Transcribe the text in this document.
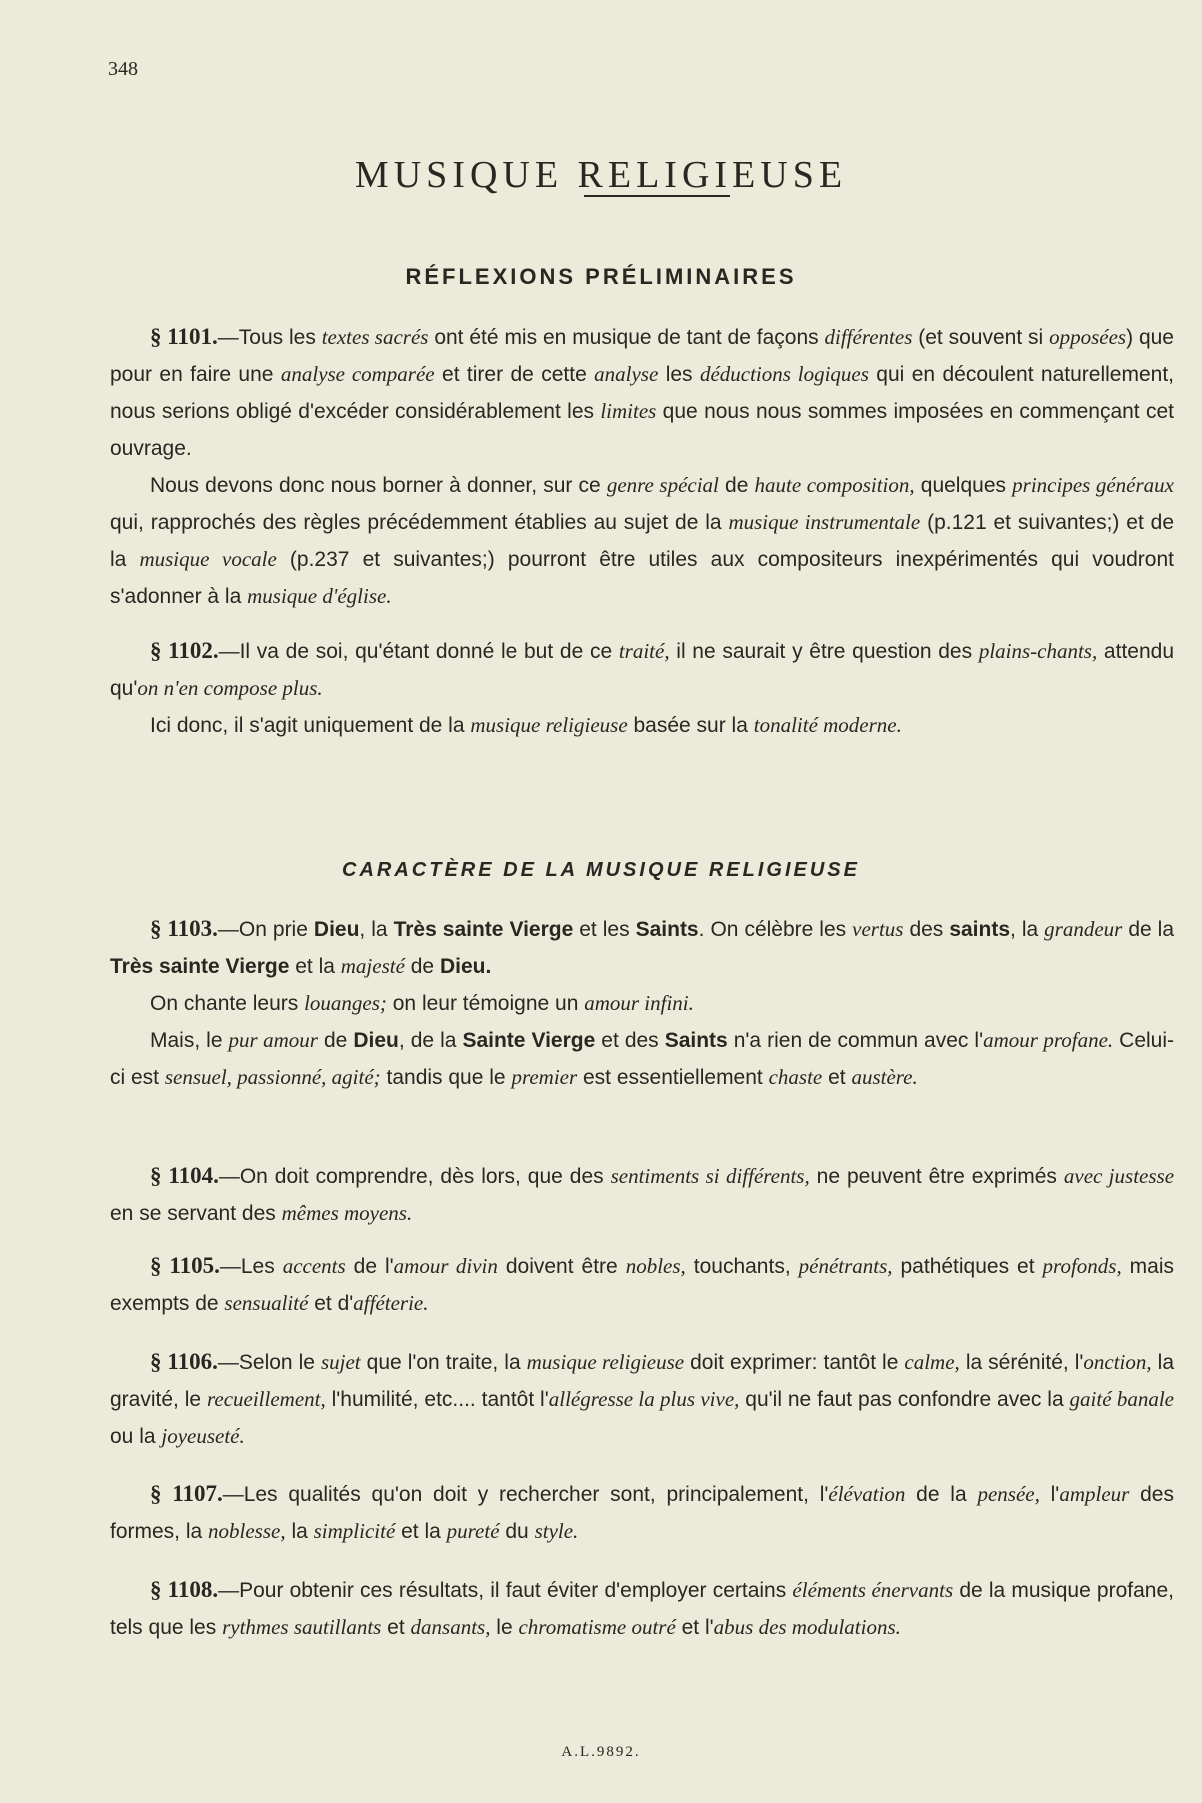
348
MUSIQUE RELIGIEUSE
RÉFLEXIONS PRÉLIMINAIRES

§ 1101.—Tous les textes sacrés ont été mis en musique de tant de façons différentes (et souvent si opposées) que pour en faire une analyse comparée et tirer de cette analyse les déductions logiques qui en découlent naturellement, nous serions obligé d'excéder considérablement les limites que nous nous sommes imposées en commençant cet ouvrage.

Nous devons donc nous borner à donner, sur ce genre spécial de haute composition, quelques principes généraux qui, rapprochés des règles précédemment établies au sujet de la musique instrumentale (p.121 et suivantes;) et de la musique vocale (p.237 et suivantes;) pourront être utiles aux compositeurs inexpérimentés qui voudront s'adonner à la musique d'église.

§ 1102.—Il va de soi, qu'étant donné le but de ce traité, il ne saurait y être question des plains-chants, attendu qu'on n'en compose plus.

Ici donc, il s'agit uniquement de la musique religieuse basée sur la tonalité moderne.

CARACTÈRE DE LA MUSIQUE RELIGIEUSE

§ 1103.—On prie Dieu, la Très sainte Vierge et les Saints. On célèbre les vertus des saints, la grandeur de la Très sainte Vierge et la majesté de Dieu.

On chante leurs louanges; on leur témoigne un amour infini.

Mais, le pur amour de Dieu, de la Sainte Vierge et des Saints n'a rien de commun avec l'amour profane. Celui-ci est sensuel, passionné, agité; tandis que le premier est essentiellement chaste et austère.

§ 1104.—On doit comprendre, dès lors, que des sentiments si différents, ne peuvent être exprimés avec justesse en se servant des mêmes moyens.

§ 1105.—Les accents de l'amour divin doivent être nobles, touchants, pénétrants, pathétiques et profonds, mais exempts de sensualité et d'afféterie.

§ 1106.—Selon le sujet que l'on traite, la musique religieuse doit exprimer: tantôt le calme, la sérénité, l'onction, la gravité, le recueillement, l'humilité, etc.... tantôt l'allégresse la plus vive, qu'il ne faut pas confondre avec la gaité banale ou la joyeuseté.

§ 1107.—Les qualités qu'on doit y rechercher sont, principalement, l'élévation de la pensée, l'ampleur des formes, la noblesse, la simplicité et la pureté du style.

§ 1108.—Pour obtenir ces résultats, il faut éviter d'employer certains éléments énervants de la musique profane, tels que les rythmes sautillants et dansants, le chromatisme outré et l'abus des modulations.

A.L.9892.
